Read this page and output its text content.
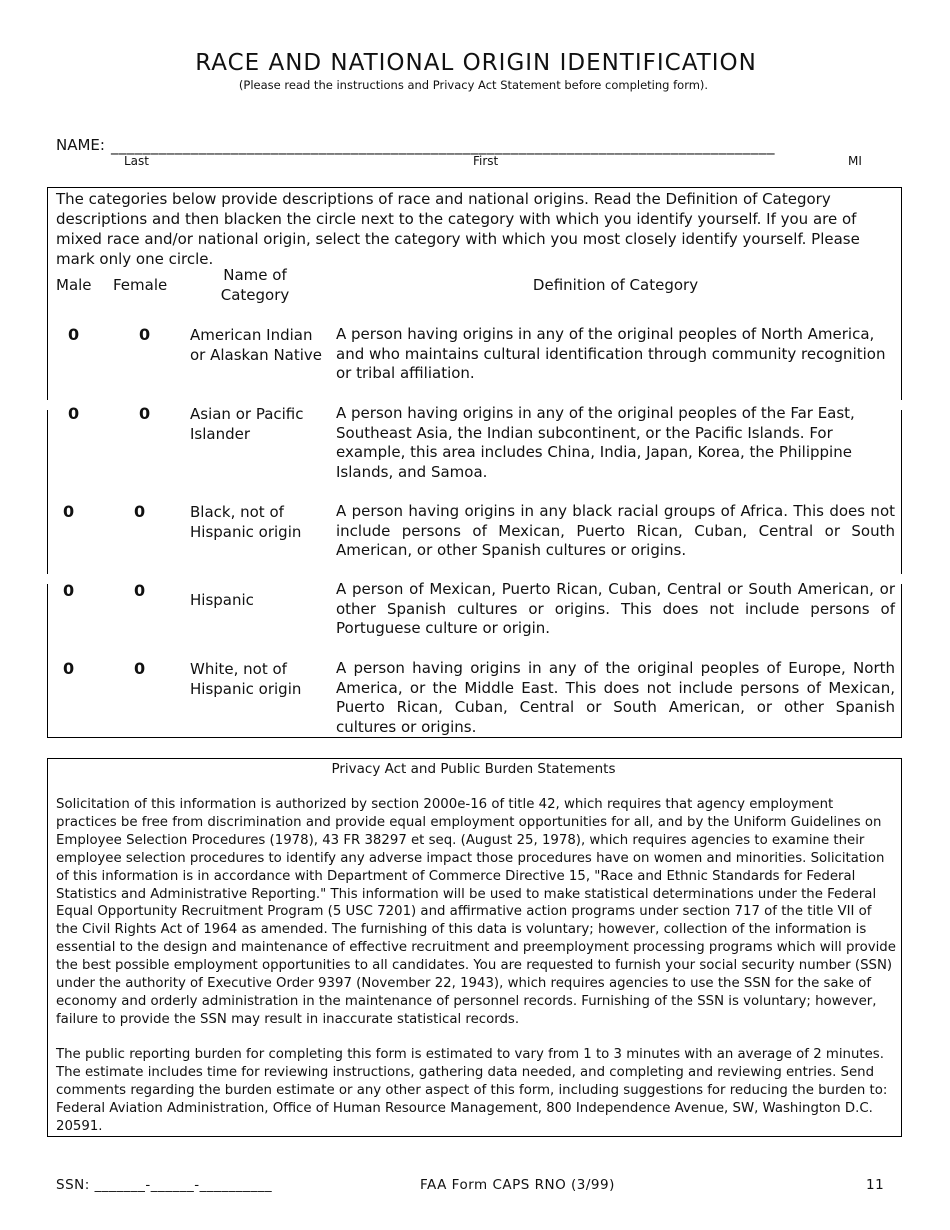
RACE AND NATIONAL ORIGIN IDENTIFICATION
(Please read the instructions and Privacy Act Statement before completing form).
NAME: ___________________________________________________________________________________
Last	First	MI
The categories below provide descriptions of race and national origins. Read the Definition of Category descriptions and then blacken the circle next to the category with which you identify yourself. If you are of mixed race and/or national origin, select the category with which you most closely identify yourself. Please mark only one circle.
Male Female
Name of Category
Definition of Category
0	0	American Indian or Alaskan Native
A person having origins in any of the original peoples of North America, and who maintains cultural identification through community recognition or tribal affiliation.
0	0	Asian or Pacific Islander
A person having origins in any of the original peoples of the Far East, Southeast Asia, the Indian subcontinent, or the Pacific Islands. For example, this area includes China, India, Japan, Korea, the Philippine Islands, and Samoa.
0	0	Black, not of Hispanic origin
A person having origins in any black racial groups of Africa. This does not include persons of Mexican, Puerto Rican, Cuban, Central or South American, or other Spanish cultures or origins.
0	0	Hispanic
A person of Mexican, Puerto Rican, Cuban, Central or South American, or other Spanish cultures or origins. This does not include persons of Portuguese culture or origin.
0	0	White, not of Hispanic origin
A person having origins in any of the original peoples of Europe, North America, or the Middle East. This does not include persons of Mexican, Puerto Rican, Cuban, Central or South American, or other Spanish cultures or origins.
Privacy Act and Public Burden Statements
Solicitation of this information is authorized by section 2000e-16 of title 42, which requires that agency employment practices be free from discrimination and provide equal employment opportunities for all, and by the Uniform Guidelines on Employee Selection Procedures (1978), 43 FR 38297 et seq. (August 25, 1978), which requires agencies to examine their employee selection procedures to identify any adverse impact those procedures have on women and minorities. Solicitation of this information is in accordance with Department of Commerce Directive 15, "Race and Ethnic Standards for Federal Statistics and Administrative Reporting." This information will be used to make statistical determinations under the Federal Equal Opportunity Recruitment Program (5 USC 7201) and affirmative action programs under section 717 of the title VII of the Civil Rights Act of 1964 as amended. The furnishing of this data is voluntary; however, collection of the information is essential to the design and maintenance of effective recruitment and preemployment processing programs which will provide the best possible employment opportunities to all candidates. You are requested to furnish your social security number (SSN) under the authority of Executive Order 9397 (November 22, 1943), which requires agencies to use the SSN for the sake of economy and orderly administration in the maintenance of personnel records. Furnishing of the SSN is voluntary; however, failure to provide the SSN may result in inaccurate statistical records.
The public reporting burden for completing this form is estimated to vary from 1 to 3 minutes with an average of 2 minutes. The estimate includes time for reviewing instructions, gathering data needed, and completing and reviewing entries. Send comments regarding the burden estimate or any other aspect of this form, including suggestions for reducing the burden to: Federal Aviation Administration, Office of Human Resource Management, 800 Independence Avenue, SW, Washington D.C. 20591.
SSN: _______-______-__________	FAA Form CAPS RNO (3/99)	11
